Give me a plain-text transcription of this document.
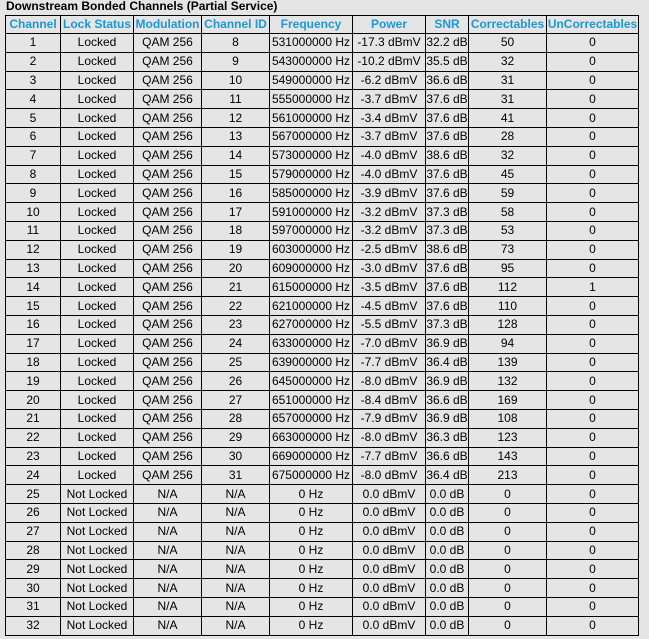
Downstream Bonded Channels (Partial Service)
Channel	Lock Status	Modulation	Channel ID	Frequency	Power	SNR	Correctables	UnCorrectables
1	Locked	QAM 256	8	531000000 Hz	-17.3 dBmV	32.2 dB	50	0
2	Locked	QAM 256	9	543000000 Hz	-10.2 dBmV	35.5 dB	32	0
3	Locked	QAM 256	10	549000000 Hz	-6.2 dBmV	36.6 dB	31	0
4	Locked	QAM 256	11	555000000 Hz	-3.7 dBmV	37.6 dB	31	0
5	Locked	QAM 256	12	561000000 Hz	-3.4 dBmV	37.6 dB	41	0
6	Locked	QAM 256	13	567000000 Hz	-3.7 dBmV	37.6 dB	28	0
7	Locked	QAM 256	14	573000000 Hz	-4.0 dBmV	38.6 dB	32	0
8	Locked	QAM 256	15	579000000 Hz	-4.0 dBmV	37.6 dB	45	0
9	Locked	QAM 256	16	585000000 Hz	-3.9 dBmV	37.6 dB	59	0
10	Locked	QAM 256	17	591000000 Hz	-3.2 dBmV	37.3 dB	58	0
11	Locked	QAM 256	18	597000000 Hz	-3.2 dBmV	37.3 dB	53	0
12	Locked	QAM 256	19	603000000 Hz	-2.5 dBmV	38.6 dB	73	0
13	Locked	QAM 256	20	609000000 Hz	-3.0 dBmV	37.6 dB	95	0
14	Locked	QAM 256	21	615000000 Hz	-3.5 dBmV	37.6 dB	112	1
15	Locked	QAM 256	22	621000000 Hz	-4.5 dBmV	37.6 dB	110	0
16	Locked	QAM 256	23	627000000 Hz	-5.5 dBmV	37.3 dB	128	0
17	Locked	QAM 256	24	633000000 Hz	-7.0 dBmV	36.9 dB	94	0
18	Locked	QAM 256	25	639000000 Hz	-7.7 dBmV	36.4 dB	139	0
19	Locked	QAM 256	26	645000000 Hz	-8.0 dBmV	36.9 dB	132	0
20	Locked	QAM 256	27	651000000 Hz	-8.4 dBmV	36.6 dB	169	0
21	Locked	QAM 256	28	657000000 Hz	-7.9 dBmV	36.9 dB	108	0
22	Locked	QAM 256	29	663000000 Hz	-8.0 dBmV	36.3 dB	123	0
23	Locked	QAM 256	30	669000000 Hz	-7.7 dBmV	36.6 dB	143	0
24	Locked	QAM 256	31	675000000 Hz	-8.0 dBmV	36.4 dB	213	0
25	Not Locked	N/A	N/A	0 Hz	0.0 dBmV	0.0 dB	0	0
26	Not Locked	N/A	N/A	0 Hz	0.0 dBmV	0.0 dB	0	0
27	Not Locked	N/A	N/A	0 Hz	0.0 dBmV	0.0 dB	0	0
28	Not Locked	N/A	N/A	0 Hz	0.0 dBmV	0.0 dB	0	0
29	Not Locked	N/A	N/A	0 Hz	0.0 dBmV	0.0 dB	0	0
30	Not Locked	N/A	N/A	0 Hz	0.0 dBmV	0.0 dB	0	0
31	Not Locked	N/A	N/A	0 Hz	0.0 dBmV	0.0 dB	0	0
32	Not Locked	N/A	N/A	0 Hz	0.0 dBmV	0.0 dB	0	0
